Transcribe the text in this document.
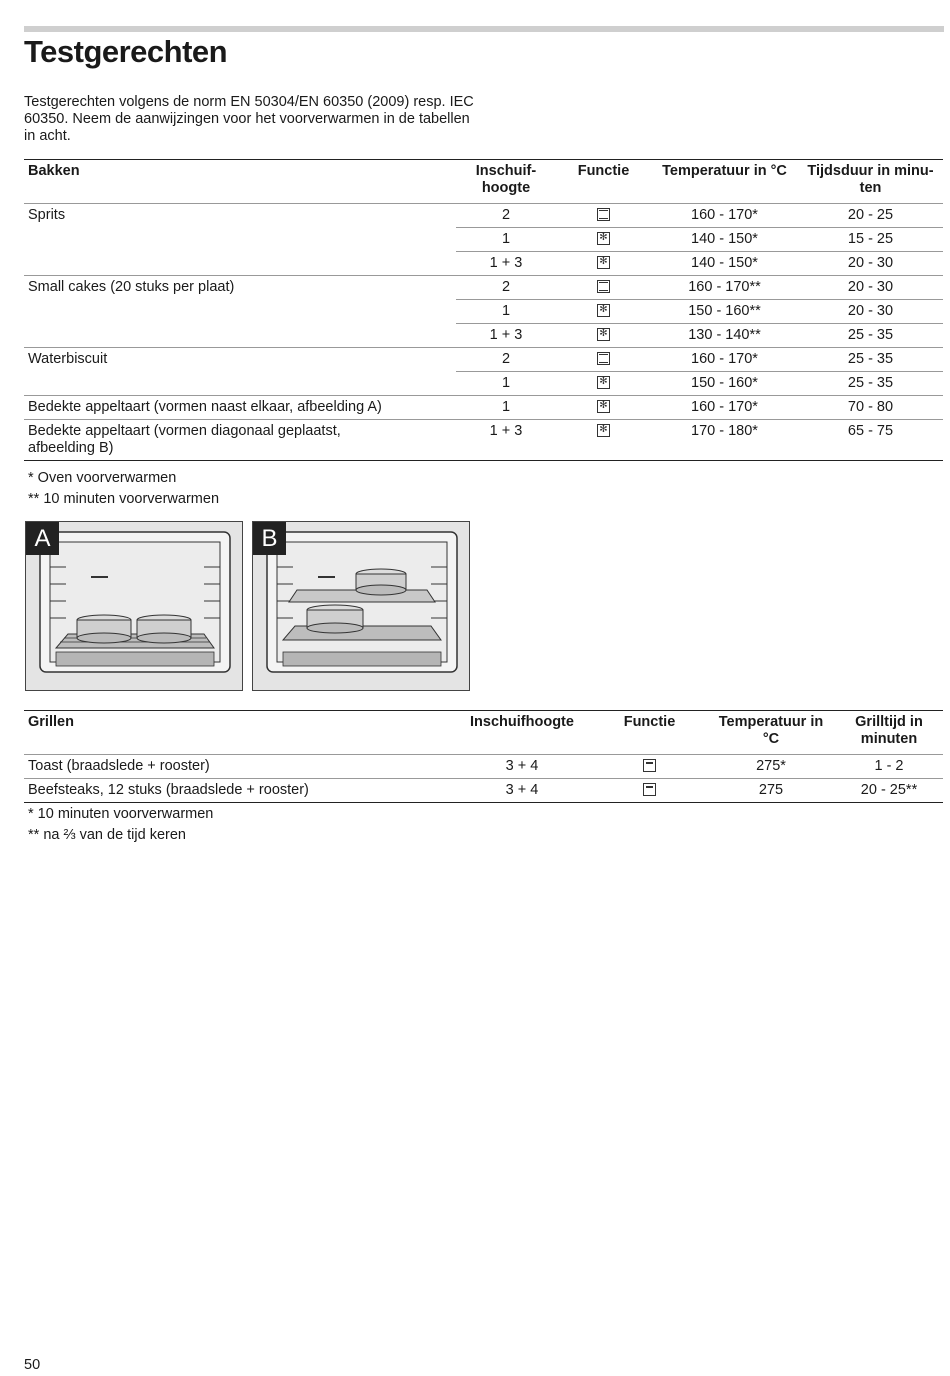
Testgerechten

Testgerechten volgens de norm EN 50304/EN 60350 (2009) resp. IEC 60350. Neem de aanwijzingen voor het voorverwarmen in de tabellen in acht.

Bakken	Inschuif-hoogte	Functie	Temperatuur in °C	Tijdsduur in minu-ten
Sprits	2		160 - 170*	20 - 25
	1	✻	140 - 150*	15 - 25
	1 + 3	✻	140 - 150*	20 - 30
Small cakes (20 stuks per plaat)	2		160 - 170**	20 - 30
	1	✻	150 - 160**	20 - 30
	1 + 3	✻	130 - 140**	25 - 35
Waterbiscuit	2		160 - 170*	25 - 35
	1	✻	150 - 160*	25 - 35
Bedekte appeltaart (vormen naast elkaar, afbeelding A)	1	✻	160 - 170*	70 - 80
Bedekte appeltaart (vormen diagonaal geplaatst, afbeelding B)	1 + 3	✻	170 - 180*	65 - 75
* Oven voorverwarmen
** 10 minuten voorverwarmen
A	B
Grillen	Inschuifhoogte	Functie	Temperatuur in °C	Grilltijd in minuten
Toast (braadslede + rooster)	3 + 4		275*	1 - 2
Beefsteaks, 12 stuks (braadslede + rooster)	3 + 4		275	20 - 25**
* 10 minuten voorverwarmen
** na ⅔ van de tijd keren
50
